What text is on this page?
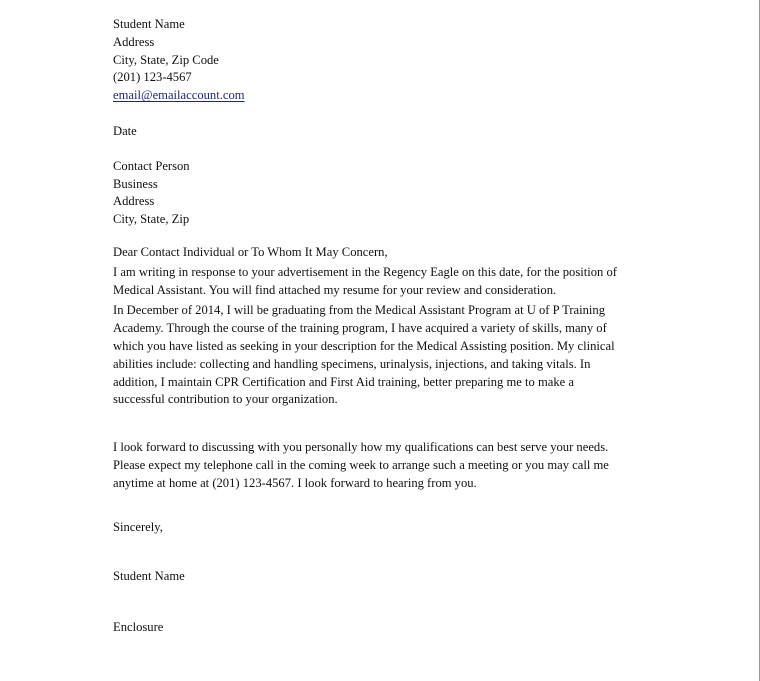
Student Name
Address
City, State, Zip Code
(201) 123-4567
email@emailaccount.com
Date
Contact Person
Business
Address
City, State, Zip
Dear Contact Individual or To Whom It May Concern,
I am writing in response to your advertisement in the Regency Eagle on this date, for the position of
Medical Assistant. You will find attached my resume for your review and consideration.
In December of 2014, I will be graduating from the Medical Assistant Program at U of P Training
Academy. Through the course of the training program, I have acquired a variety of skills, many of
which you have listed as seeking in your description for the Medical Assisting position. My clinical
abilities include: collecting and handling specimens, urinalysis, injections, and taking vitals. In
addition, I maintain CPR Certification and First Aid training, better preparing me to make a
successful contribution to your organization.
I look forward to discussing with you personally how my qualifications can best serve your needs.
Please expect my telephone call in the coming week to arrange such a meeting or you may call me
anytime at home at (201) 123-4567. I look forward to hearing from you.
Sincerely,
Student Name
Enclosure
